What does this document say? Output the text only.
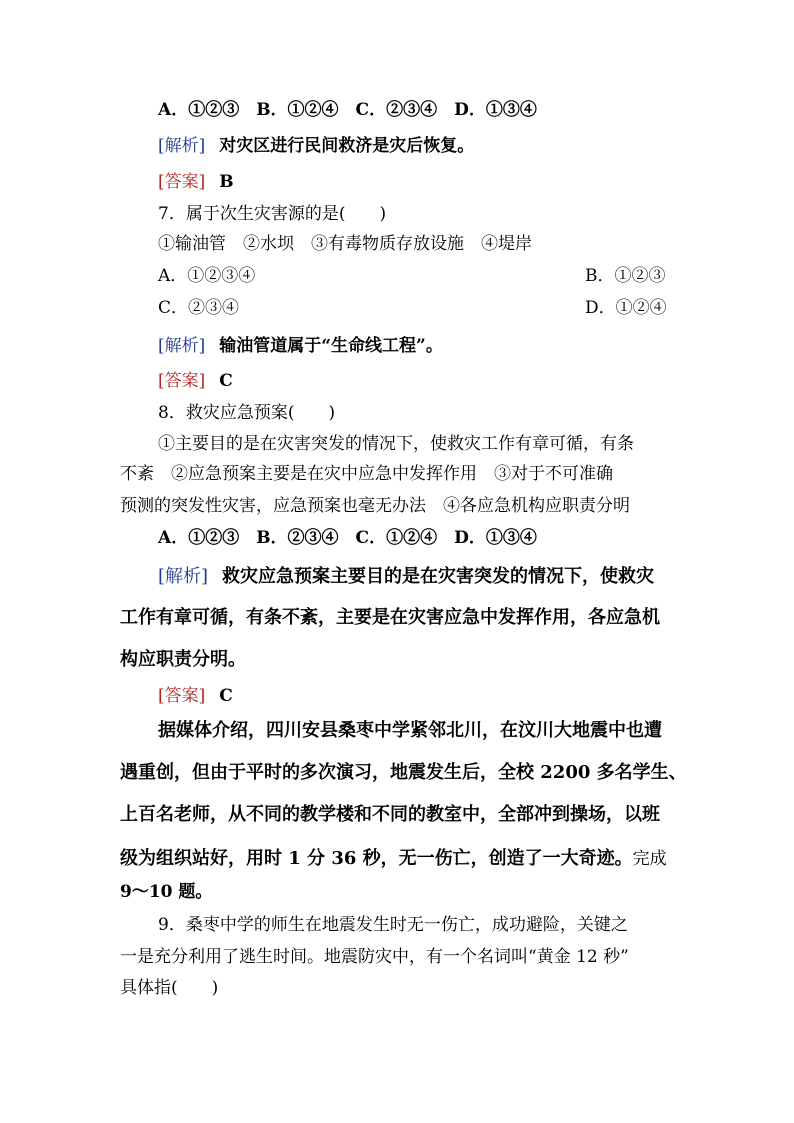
A．①②③　B．①②④　C．②③④　D．①③④
[解析] 对灾区进行民间救济是灾后恢复。
[答案] B
7．属于次生灾害源的是(　　)
①输油管　②水坝　③有毒物质存放设施　④堤岸
A．①②③④	B．①②③
C．②③④	D．①②④
[解析] 输油管道属于“生命线工程”。
[答案] C
8．救灾应急预案(　　)
①主要目的是在灾害突发的情况下，使救灾工作有章可循，有条
不紊　②应急预案主要是在灾中应急中发挥作用　③对于不可准确
预测的突发性灾害，应急预案也毫无办法　④各应急机构应职责分明
A．①②③　B．②③④　C．①②④　D．①③④
[解析] 救灾应急预案主要目的是在灾害突发的情况下，使救灾
工作有章可循，有条不紊，主要是在灾害应急中发挥作用，各应急机
构应职责分明。
[答案] C
据媒体介绍，四川安县桑枣中学紧邻北川，在汶川大地震中也遭
遇重创，但由于平时的多次演习，地震发生后，全校 2200 多名学生、
上百名老师，从不同的教学楼和不同的教室中，全部冲到操场，以班
级为组织站好，用时 1 分 36 秒，无一伤亡，创造了一大奇迹。完成
9～10 题。
9．桑枣中学的师生在地震发生时无一伤亡，成功避险，关键之
一是充分利用了逃生时间。地震防灾中，有一个名词叫“黄金 12 秒”
具体指(　　)
